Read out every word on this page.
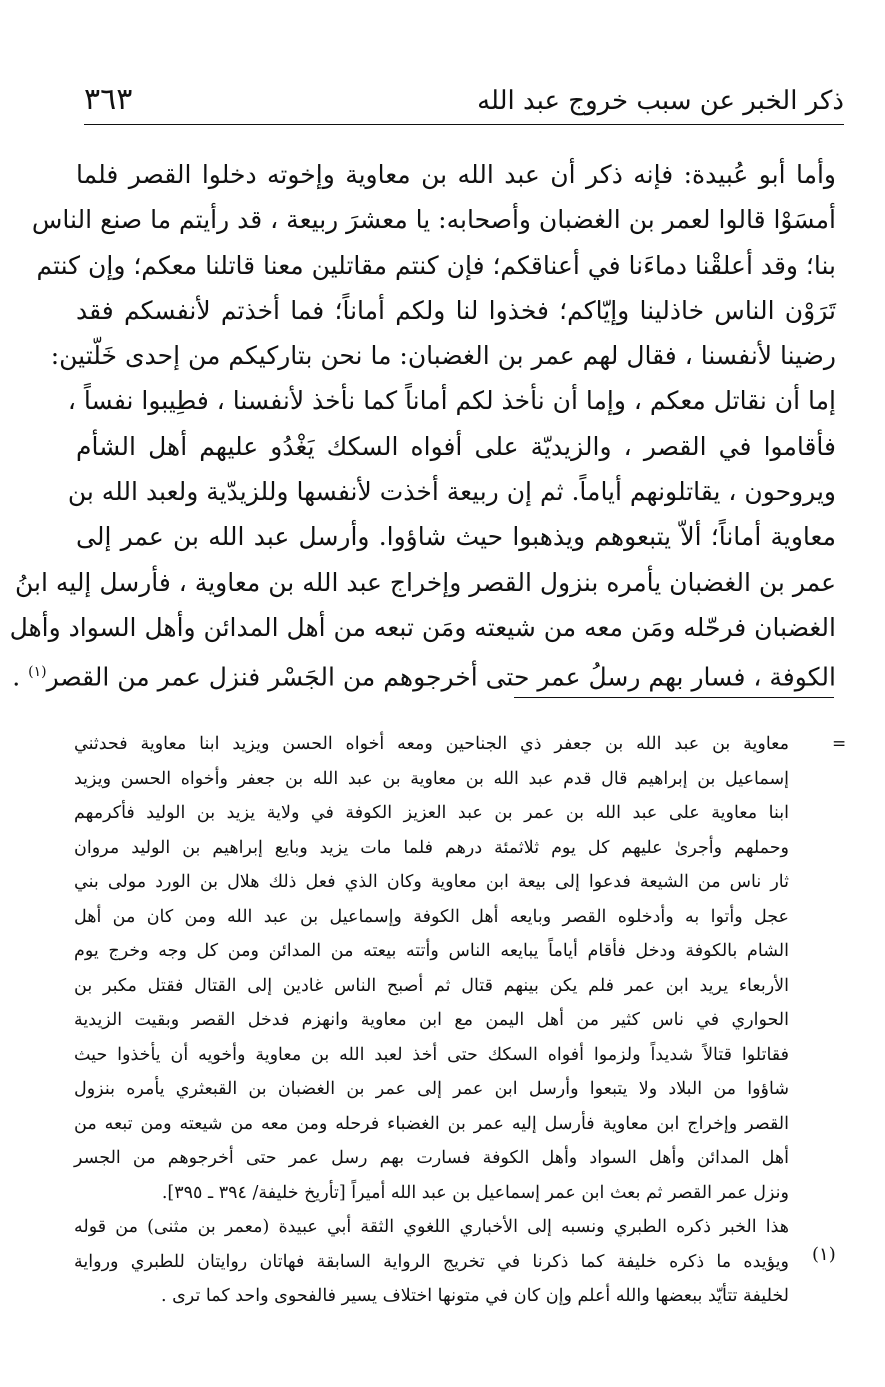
ذكر الخبر عن سبب خروج عبد الله
٣٦٣
وأما أبو عُبيدة: فإنه ذكر أن عبد الله بن معاوية وإخوته دخلوا القصر فلما
أمسَوْا قالوا لعمر بن الغضبان وأصحابه: يا معشرَ ربيعة ، قد رأيتم ما صنع الناس
بنا؛ وقد أعلقْنا دماءَنا في أعناقكم؛ فإن كنتم مقاتلين معنا قاتلنا معكم؛ وإن كنتم
تَرَوْن الناس خاذلينا وإيّاكم؛ فخذوا لنا ولكم أماناً؛ فما أخذتم لأنفسكم فقد
رضينا لأنفسنا ، فقال لهم عمر بن الغضبان: ما نحن بتاركيكم من إحدى خَلّتين:
إما أن نقاتل معكم ، وإما أن نأخذ لكم أماناً كما نأخذ لأنفسنا ، فطِيبوا نفساً ،
فأقاموا في القصر ، والزيديّة على أفواه السكك يَغْدُو عليهم أهل الشأم
ويروحون ، يقاتلونهم أياماً. ثم إن ربيعة أخذت لأنفسها وللزيدّية ولعبد الله بن
معاوية أماناً؛ ألاّ يتبعوهم ويذهبوا حيث شاؤوا. وأرسل عبد الله بن عمر إلى
عمر بن الغضبان يأمره بنزول القصر وإخراج عبد الله بن معاوية ، فأرسل إليه ابنُ
الغضبان فرحّله ومَن معه من شيعته ومَن تبعه من أهل المدائن وأهل السواد وأهل
الكوفة ، فسار بهم رسلُ عمر حتى أخرجوهم من الجَسْر فنزل عمر من القصر$^{(١)}$ .
=
معاوية بن عبد الله بن جعفر ذي الجناحين ومعه أخواه الحسن ويزيد ابنا معاوية فحدثني
إسماعيل بن إبراهيم قال قدم عبد الله بن معاوية بن عبد الله بن جعفر وأخواه الحسن ويزيد
ابنا معاوية على عبد الله بن عمر بن عبد العزيز الكوفة في ولاية يزيد بن الوليد فأكرمهم
وحملهم وأجرىٰ عليهم كل يوم ثلاثمئة درهم فلما مات يزيد وبايع إبراهيم بن الوليد مروان
ثار ناس من الشيعة فدعوا إلى بيعة ابن معاوية وكان الذي فعل ذلك هلال بن الورد مولى بني
عجل وأتوا به وأدخلوه القصر وبايعه أهل الكوفة وإسماعيل بن عبد الله ومن كان من أهل
الشام بالكوفة ودخل فأقام أياماً يبايعه الناس وأتته بيعته من المدائن ومن كل وجه وخرج يوم
الأربعاء يريد ابن عمر فلم يكن بينهم قتال ثم أصبح الناس غادين إلى القتال فقتل مكبر بن
الحواري في ناس كثير من أهل اليمن مع ابن معاوية وانهزم فدخل القصر وبقيت الزيدية
فقاتلوا قتالاً شديداً ولزموا أفواه السكك حتى أخذ لعبد الله بن معاوية وأخويه أن يأخذوا حيث
شاؤوا من البلاد ولا يتبعوا وأرسل ابن عمر إلى عمر بن الغضبان بن القبعثري يأمره بنزول
القصر وإخراج ابن معاوية فأرسل إليه عمر بن الغضباء فرحله ومن معه من شيعته ومن تبعه من
أهل المدائن وأهل السواد وأهل الكوفة فسارت بهم رسل عمر حتى أخرجوهم من الجسر
ونزل عمر القصر ثم بعث ابن عمر إسماعيل بن عبد الله أميراً [تأريخ خليفة/ ٣٩٤ ـ ٣٩٥].
هذا الخبر ذكره الطبري ونسبه إلى الأخباري اللغوي الثقة أبي عبيدة (معمر بن مثنى) من قوله
ويؤيده ما ذكره خليفة كما ذكرنا في تخريج الرواية السابقة فهاتان روايتان للطبري ورواية
لخليفة تتأيّد ببعضها والله أعلم وإن كان في متونها اختلاف يسير فالفحوى واحد كما ترى .
(١)
